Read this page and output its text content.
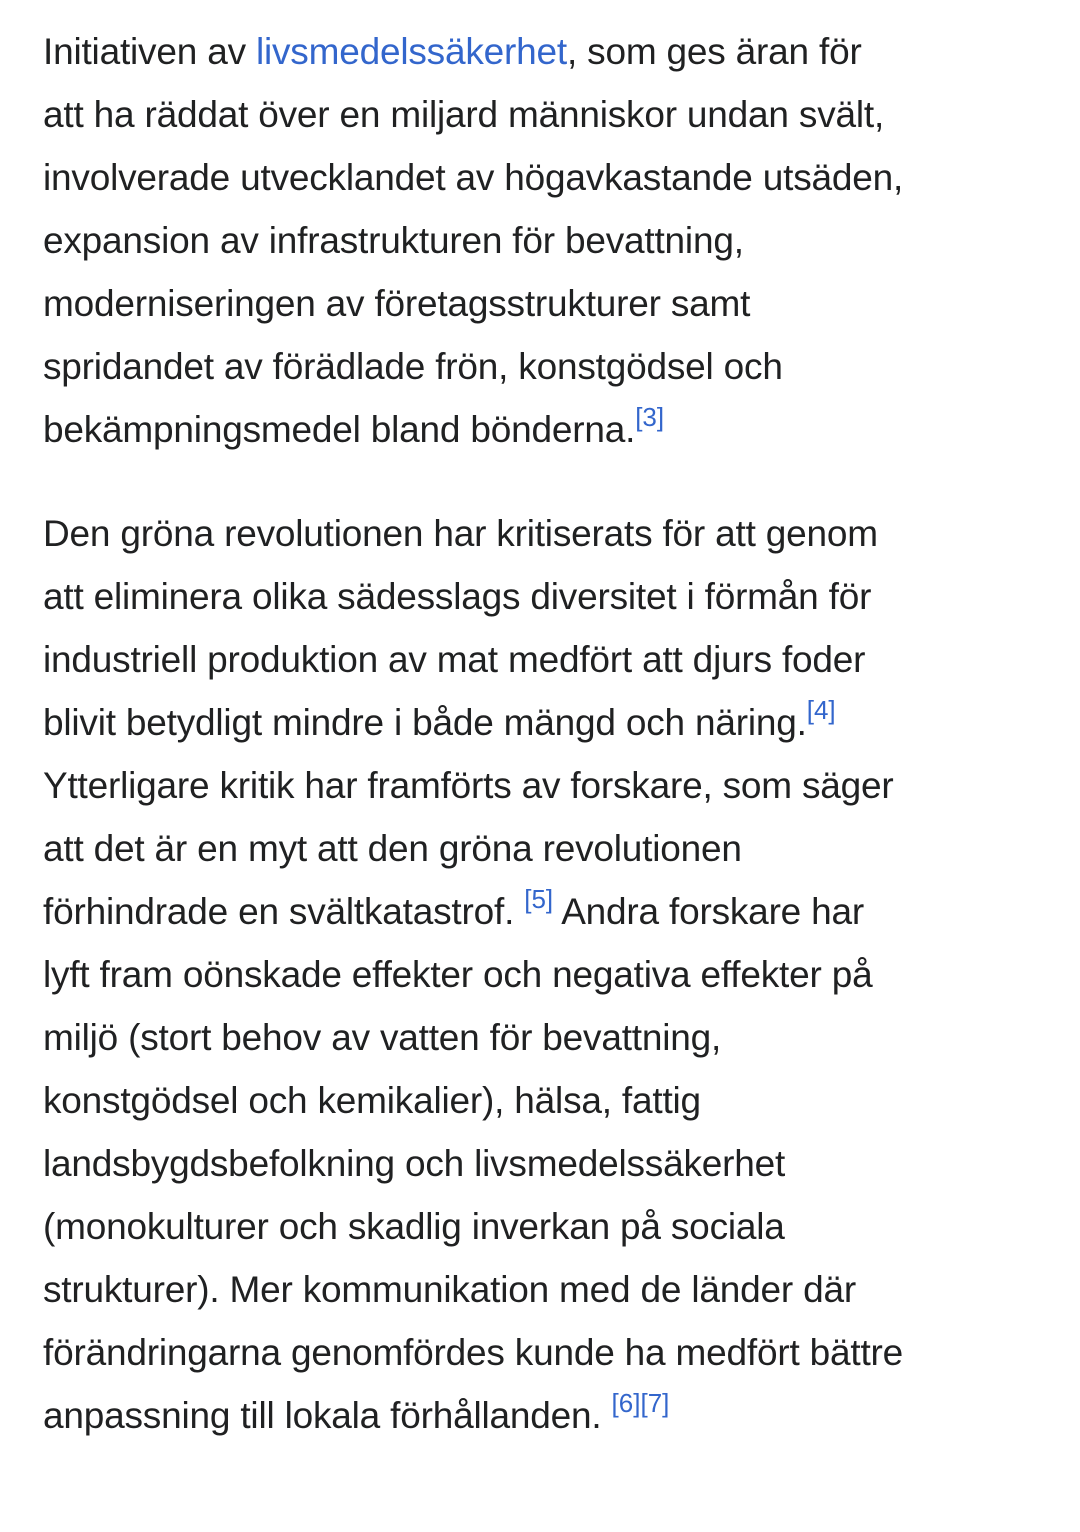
Initiativen av livsmedelssäkerhet, som ges äran för
att ha räddat över en miljard människor undan svält,
involverade utvecklandet av högavkastande utsäden,
expansion av infrastrukturen för bevattning,
moderniseringen av företagsstrukturer samt
spridandet av förädlade frön, konstgödsel och
bekämpningsmedel bland bönderna.[3]

Den gröna revolutionen har kritiserats för att genom
att eliminera olika sädesslags diversitet i förmån för
industriell produktion av mat medfört att djurs foder
blivit betydligt mindre i både mängd och näring.[4]
Ytterligare kritik har framförts av forskare, som säger
att det är en myt att den gröna revolutionen
förhindrade en svältkatastrof. [5] Andra forskare har
lyft fram oönskade effekter och negativa effekter på
miljö (stort behov av vatten för bevattning,
konstgödsel och kemikalier), hälsa, fattig
landsbygdsbefolkning och livsmedelssäkerhet
(monokulturer och skadlig inverkan på sociala
strukturer). Mer kommunikation med de länder där
förändringarna genomfördes kunde ha medfört bättre
anpassning till lokala förhållanden. [6][7]
